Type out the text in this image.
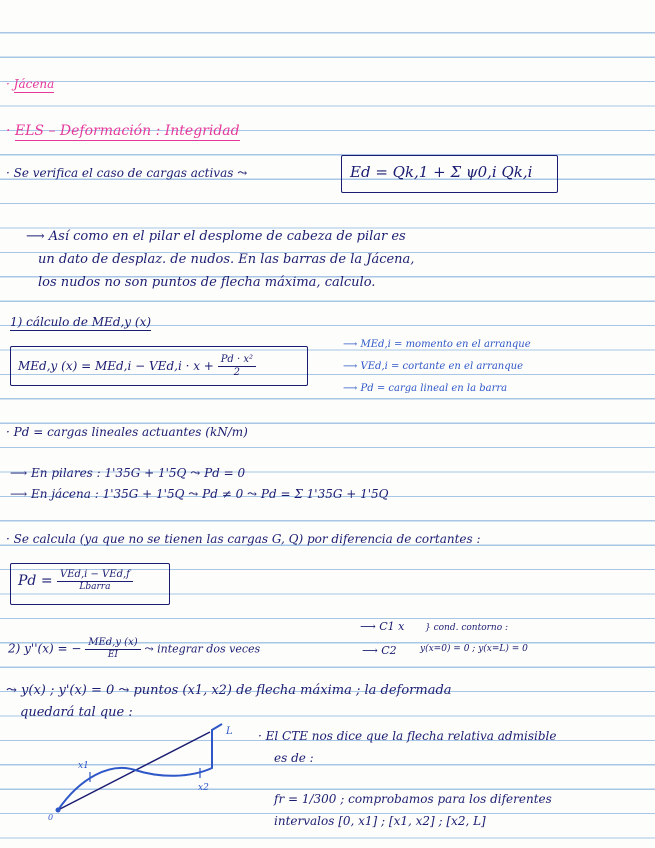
· Jácena
· ELS – Deformación : Integridad
· Se verifica el caso de cargas activas ⤳	Ed = Qk,1 + Σ ψ0,i Qk,i
⟶ Así como en el pilar el desplome de cabeza de pilar es
un dato de desplaz. de nudos. En las barras de la Jácena,
los nudos no son puntos de flecha máxima, calculo.
1) cálculo de MEd,y (x)
MEd,y $(x) = MEd,i - VEd,i \cdot x + \frac{\text{Pd · x²}}{2}$
⟶ MEd,i = momento en el arranque
⟶ VEd,i = cortante en el arranque
⟶ Pd = carga lineal en la barra
· Pd = cargas lineales actuantes (kN/m)
⟶ En pilares : 1'35G + 1'5Q ⤳ Pd = 0
⟶ En jácena : 1'35G + 1'5Q ⤳ Pd ≠ 0 ⤳ Pd = Σ 1'35G + 1'5Q
· Se calcula (ya que no se tienen las cargas G, Q) por diferencia de cortantes :
$Pd = \frac{\text{VEd,i − VEd,f}}{\text{Lbarra}}$
2) y''(x) = − $\frac{\text{MEd,y (x)}}{EI}$ ⤳ integrar dos veces
⟶ C1 x
⟶ C2
} cond. contorno :
y(x=0) = 0 ; y(x=L) = 0
⤳ y(x) ; y'(x) = 0 ⤳ puntos (x1, x2) de flecha máxima ; la deformada
quedará tal que :
0
x1
x2
L · El CTE nos dice que la flecha relativa admisible
es de :
fr = 1/300 ; comprobamos para los diferentes
intervalos [0, x1] ; [x1, x2] ; [x2, L]
